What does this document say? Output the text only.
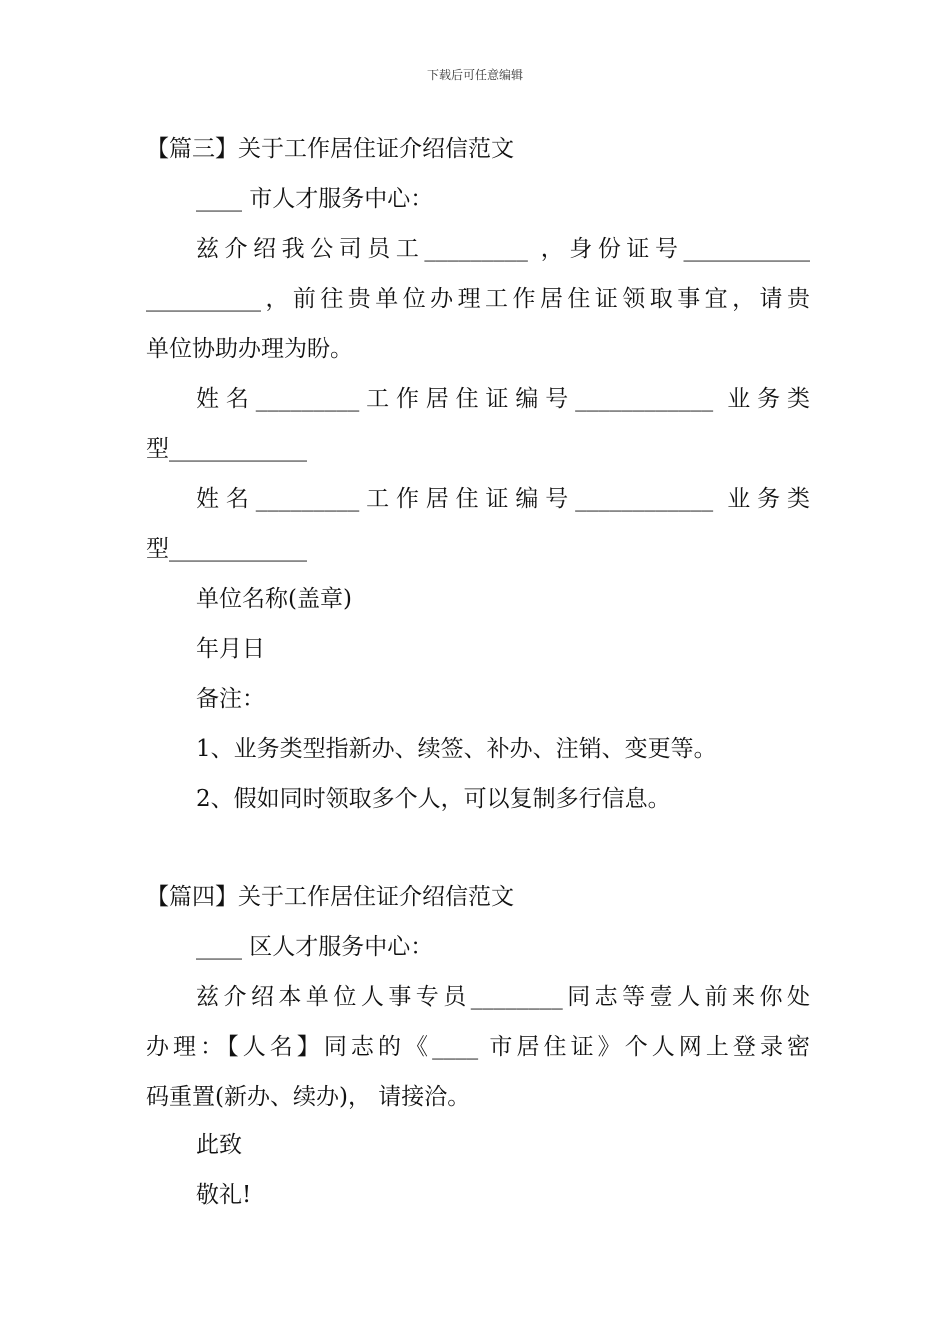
下载后可任意编辑
【篇三】关于工作居住证介绍信范文
____ 市人才服务中心：
兹介绍我公司员工_________ ，身份证号___________
__________，前往贵单位办理工作居住证领取事宜，请贵
单位协助办理为盼。
姓名_________工作居住证编号____________ 业务类
型____________
姓名_________工作居住证编号____________ 业务类
型____________
单位名称(盖章)
年月日
备注：
1、业务类型指新办、续签、补办、注销、变更等。
2、假如同时领取多个人，可以复制多行信息。
【篇四】关于工作居住证介绍信范文
____ 区人才服务中心：
兹介绍本单位人事专员________同志等壹人前来你处
办理：【人名】同志的《____ 市居住证》个人网上登录密
码重置(新办、续办)， 请接洽。
此致
敬礼!
